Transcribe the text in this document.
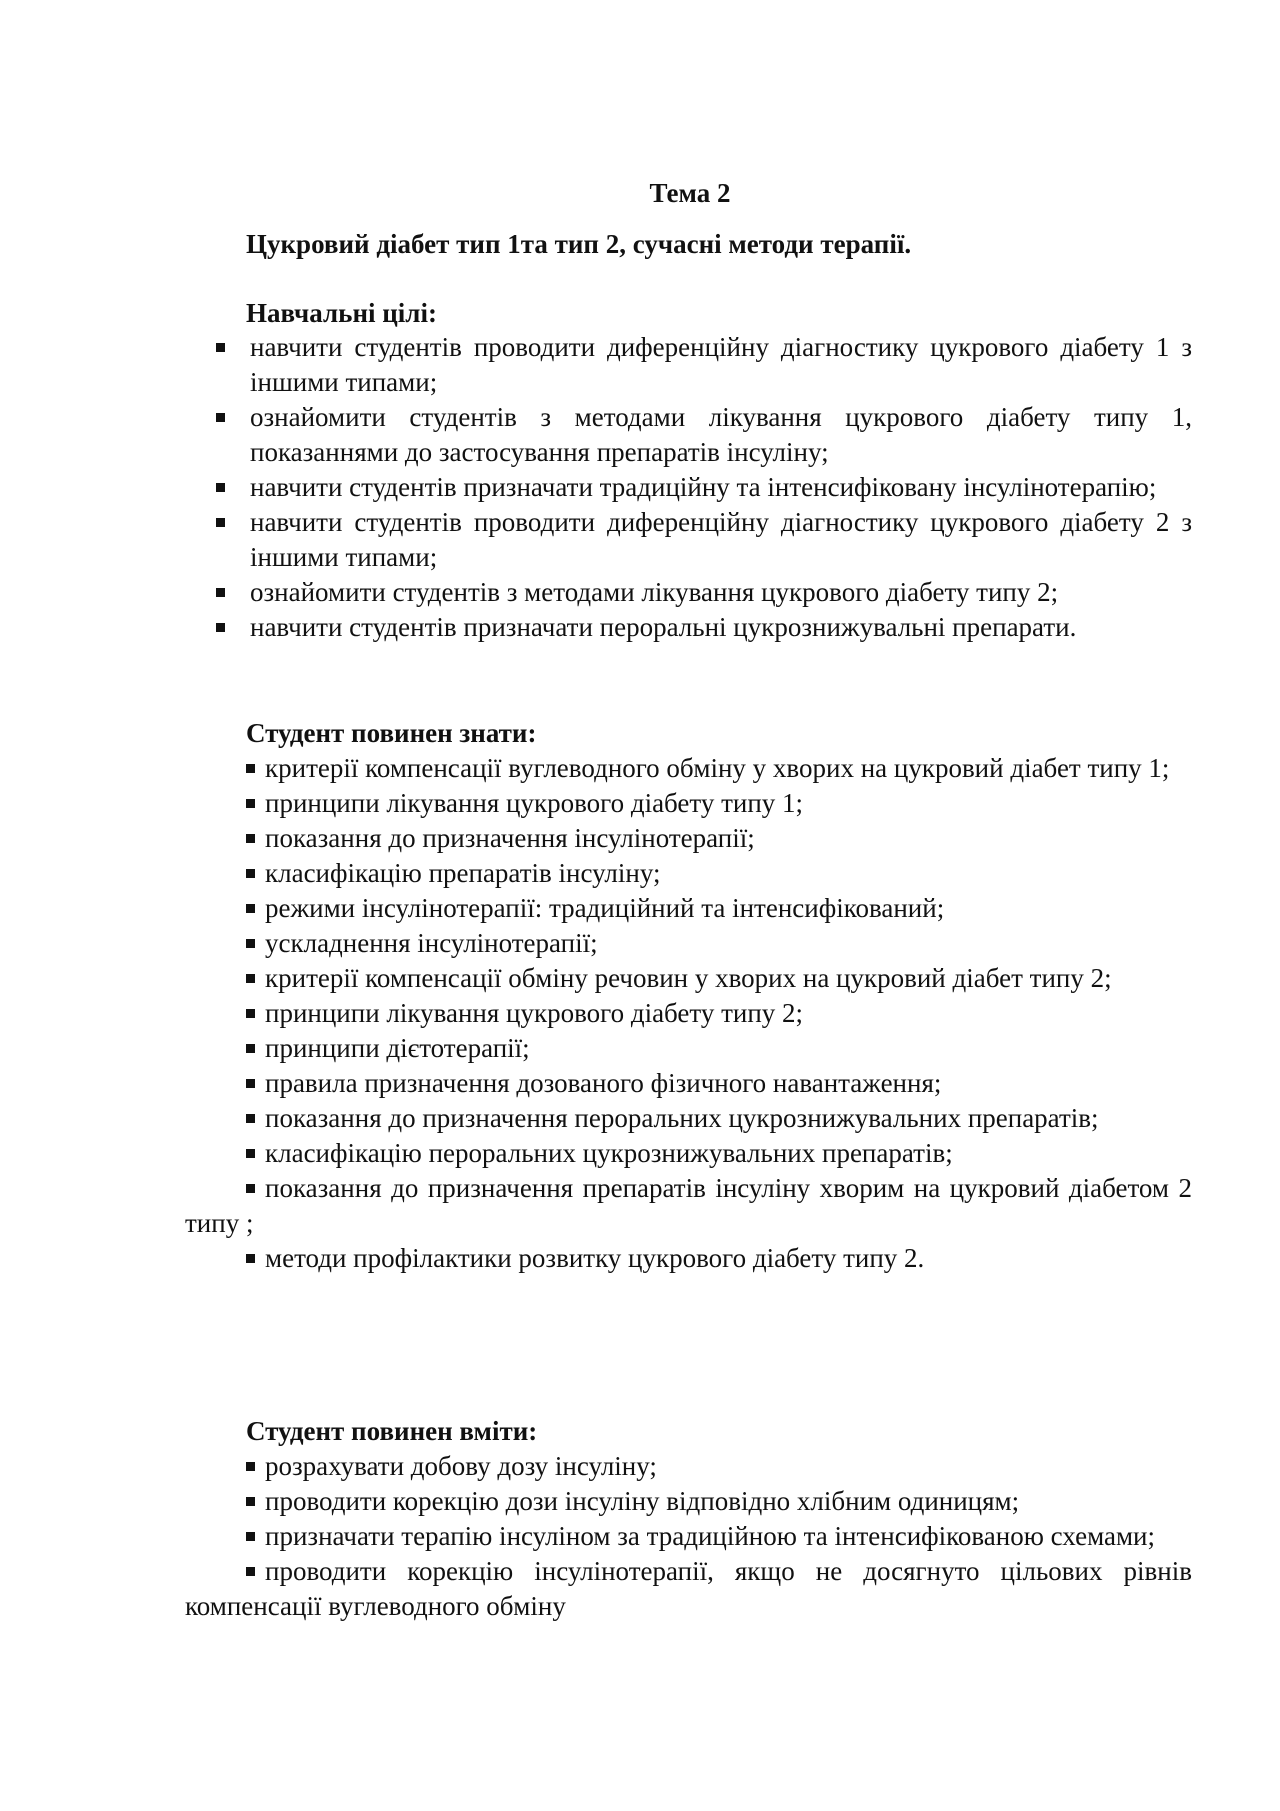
Тема 2
Цукровий діабет тип 1та тип 2, сучасні методи терапії.
Навчальні цілі:
навчити студентів проводити диференційну діагностику цукрового діабету 1 з іншими типами;
ознайомити студентів з методами лікування цукрового діабету типу 1, показаннями до застосування препаратів інсуліну;
навчити студентів призначати традиційну та інтенсифіковану інсулінотерапію;
навчити студентів проводити диференційну діагностику цукрового діабету 2 з іншими типами;
ознайомити студентів з методами лікування цукрового діабету типу 2;
навчити студентів призначати пероральні цукрознижувальні препарати.
Студент повинен знати:
критерії компенсації вуглеводного обміну у хворих на цукровий діабет типу 1;
принципи лікування цукрового діабету типу 1;
показання до призначення інсулінотерапії;
класифікацію препаратів інсуліну;
режими інсулінотерапії: традиційний та інтенсифікований;
ускладнення інсулінотерапії;
критерії компенсації обміну речовин у хворих на цукровий діабет типу 2;
принципи лікування цукрового діабету типу 2;
принципи дієтотерапії;
правила призначення дозованого фізичного навантаження;
показання до призначення пероральних цукрознижувальних препаратів;
класифікацію пероральних цукрознижувальних препаратів;
показання до призначення препаратів інсуліну хворим на цукровий діабетом 2 типу ;
методи профілактики розвитку цукрового діабету типу 2.
Студент повинен вміти:
розрахувати добову дозу інсуліну;
проводити корекцію дози інсуліну відповідно хлібним одиницям;
призначати терапію інсуліном за традиційною та інтенсифікованою схемами;
проводити корекцію інсулінотерапії, якщо не досягнуто цільових рівнів компенсації вуглеводного обміну
